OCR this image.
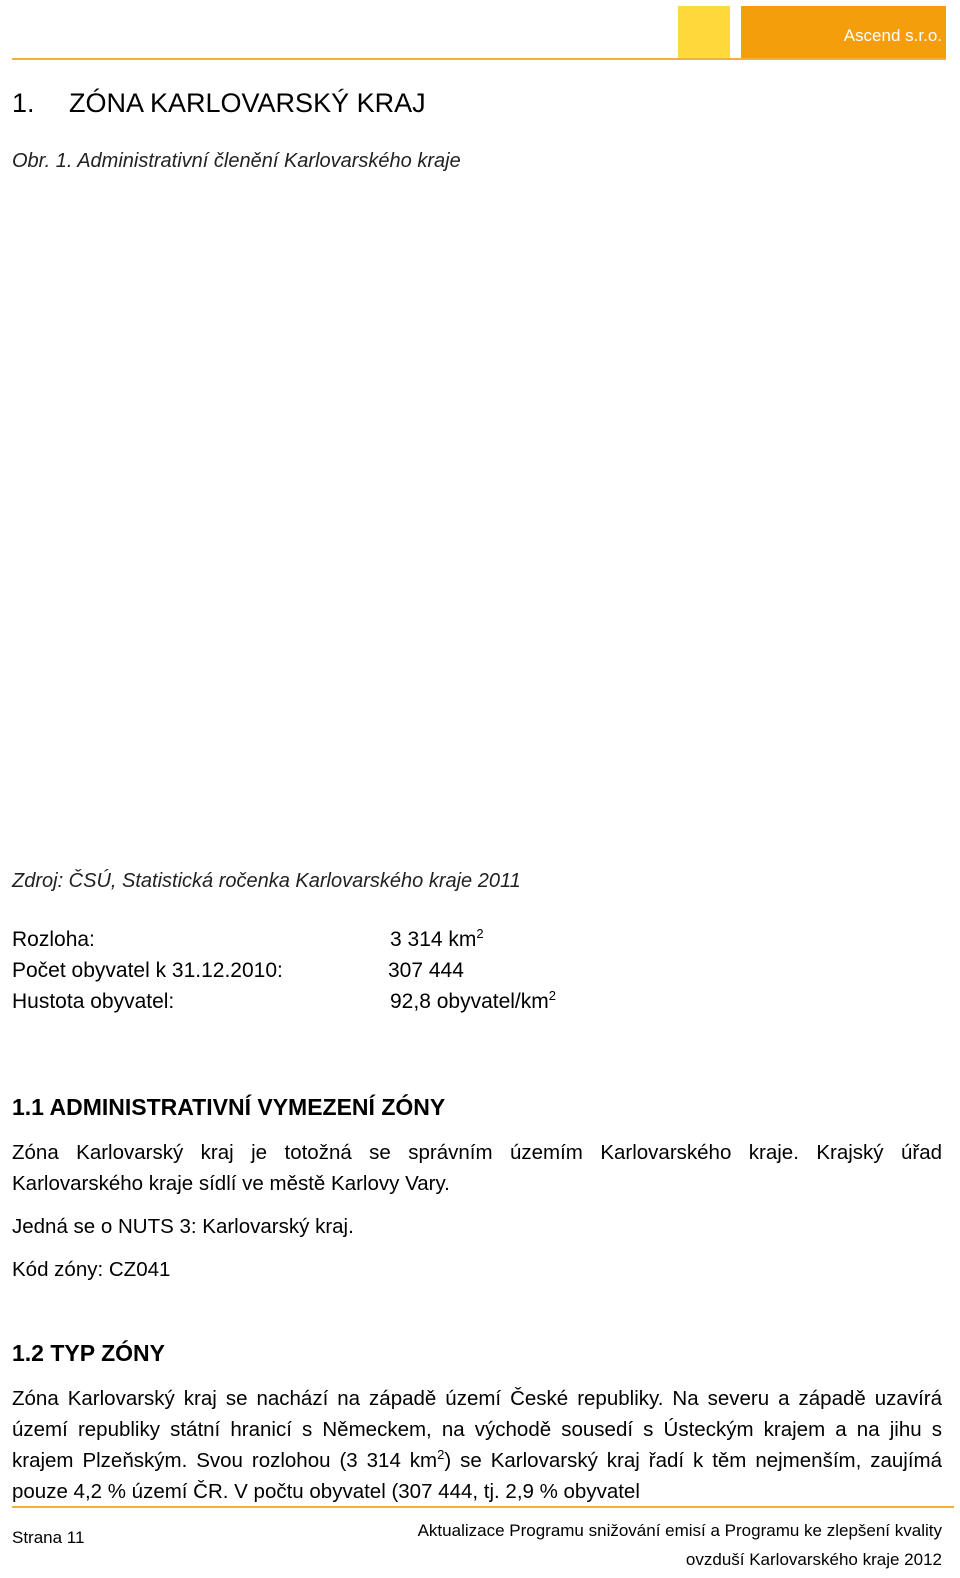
Ascend s.r.o.
1. ZÓNA KARLOVARSKÝ KRAJ
Obr. 1. Administrativní členění Karlovarského kraje
Zdroj: ČSÚ, Statistická ročenka Karlovarského kraje 2011
Rozloha:	3 314 $km^2$
Počet obyvatel k 31.12.2010:	307 444
Hustota obyvatel:	92,8 obyvatel/$km^2$
1.1 ADMINISTRATIVNÍ VYMEZENÍ ZÓNY
Zóna Karlovarský kraj je totožná se správním územím Karlovarského kraje. Krajský úřad Karlovarského kraje sídlí ve městě Karlovy Vary.
Jedná se o NUTS 3: Karlovarský kraj.
Kód zóny: CZ041
1.2 TYP ZÓNY
Zóna Karlovarský kraj se nachází na západě území České republiky. Na severu a západě uzavírá území republiky státní hranicí s Německem, na východě sousedí s Ústeckým krajem a na jihu s krajem Plzeňským. Svou rozlohou (3 314 $km^2$) se Karlovarský kraj řadí k těm nejmenším, zaujímá pouze 4,2 % území ČR. V počtu obyvatel (307 444, tj. 2,9 % obyvatel
Strana 11	Aktualizace Programu snižování emisí a Programu ke zlepšení kvality
ovzduší Karlovarského kraje 2012
